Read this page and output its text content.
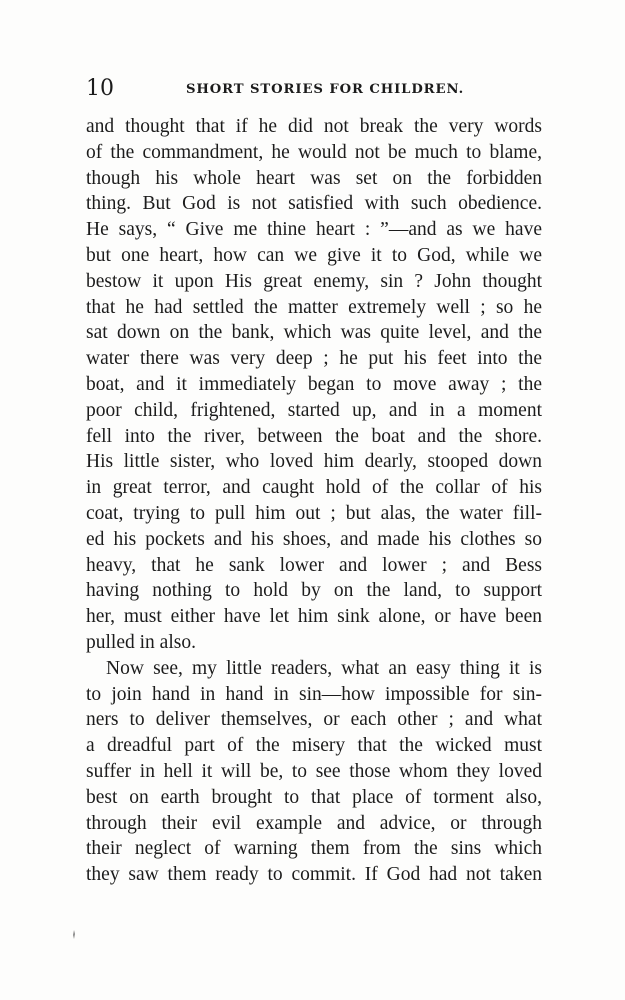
10	SHORT STORIES FOR CHILDREN.
and thought that if he did not break the very words
of the commandment, he would not be much to blame,
though his whole heart was set on the forbidden
thing. But God is not satisfied with such obedience.
He says, “ Give me thine heart : ”—and as we have
but one heart, how can we give it to God, while we
bestow it upon His great enemy, sin ? John thought
that he had settled the matter extremely well ; so he
sat down on the bank, which was quite level, and the
water there was very deep ; he put his feet into the
boat, and it immediately began to move away ; the
poor child, frightened, started up, and in a moment
fell into the river, between the boat and the shore.
His little sister, who loved him dearly, stooped down
in great terror, and caught hold of the collar of his
coat, trying to pull him out ; but alas, the water fill-
ed his pockets and his shoes, and made his clothes so
heavy, that he sank lower and lower ; and Bess
having nothing to hold by on the land, to support
her, must either have let him sink alone, or have been
pulled in also.
Now see, my little readers, what an easy thing it is
to join hand in hand in sin—how impossible for sin-
ners to deliver themselves, or each other ; and what
a dreadful part of the misery that the wicked must
suffer in hell it will be, to see those whom they loved
best on earth brought to that place of torment also,
through their evil example and advice, or through
their neglect of warning them from the sins which
they saw them ready to commit. If God had not taken
